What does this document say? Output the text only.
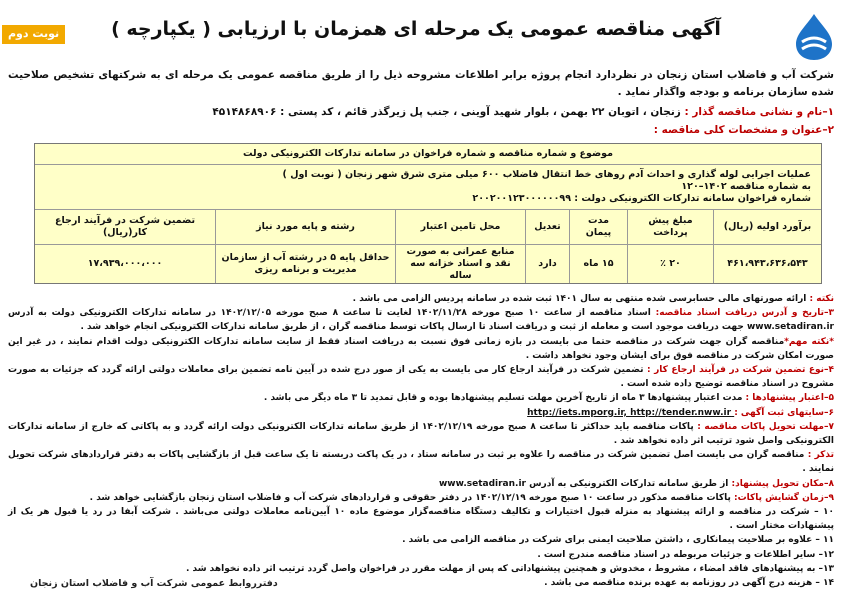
نوبت دوم	آگهی مناقصه عمومی یک مرحله ای همزمان با ارزیابی ( یکپارچه )
شرکت آب و فاضلاب استان زنجان در نظردارد انجام پروژه برابر اطلاعات مشروحه ذیل را از طریق مناقصه عمومی یک مرحله ای به شرکتهای تشخیص صلاحیت شده سازمان برنامه و بودجه واگذار نماید .
۱–نام و نشانی مناقصه گذار : زنجان ، اتوبان ۲۲ بهمن ، بلوار شهید آوینی ، جنب پل زیرگذر قائم ، کد پستی : ۴۵۱۴۸۶۸۹۰۶
۲–عنوان و مشخصات کلی مناقصه :
موضوع و شماره مناقصه و شماره فراخوان در سامانه تدارکات الکترونیکی دولت
عملیات اجرایی لوله گذاری و احداث آدم روهای خط انتقال فاضلاب ۶۰۰ میلی متری شرق شهر زنجان ( نوبت اول )
به شماره مناقصه ۱۴۰۲–۱۲۰
شماره فراخوان سامانه تدارکات الکترونیکی دولت : ۲۰۰۲۰۰۱۲۳۰۰۰۰۰۰۹۹
برآورد اولیه (ریال)
مبلغ پیش پرداخت
مدت پیمان
تعدیل
محل تامین اعتبار
رشته و پایه مورد نیاز
تضمین شرکت در فرآیند ارجاع کار(ریال)
۴۶۱،۹۴۳،۶۳۶،۵۴۳
۲۰ ٪
۱۵ ماه
دارد
منابع عمرانی به صورت نقد و اسناد خزانه سه ساله
حداقل پایه ۵ در رشته آب از سازمان مدیریت و برنامه ریزی
۱۷،۹۳۹،۰۰۰،۰۰۰

نکته : ارائه صورتهای مالی حسابرسی شده منتهی به سال ۱۴۰۱ ثبت شده در سامانه پردیس الزامی می باشد .

۳–تاریخ و آدرس دریافت اسناد مناقصه: اسناد مناقصه از ساعت ۱۰ صبح مورخه ۱۴۰۲/۱۱/۲۸ لغایت تا ساعت ۸ صبح مورخه ۱۴۰۲/۱۲/۰۵ در سامانه تدارکات الکترونیکی دولت به آدرس www.setadiran.ir جهت دریافت موجود است و معامله از ثبت و دریافت اسناد تا ارسال پاکات توسط مناقصه گران ، از طریق سامانه تدارکات الکترونیکی انجام خواهد شد .

*نکته مهم*مناقصه گران جهت شرکت در مناقصه حتما می بایست در بازه زمانی فوق نسبت به دریافت اسناد فقط از سایت سامانه تدارکات الکترونیکی دولت اقدام نمایند ، در غیر این صورت امکان شرکت در مناقصه فوق برای ایشان وجود نخواهد داشت .

۴–نوع تضمین شرکت در فرآیند ارجاع کار : تضمین شرکت در فرآیند ارجاع کار می بایست به یکی از صور درج شده در آیین نامه تضمین برای معاملات دولتی ارائه گردد که جزئیات به صورت مشروح در اسناد مناقصه توضیح داده شده است .

۵–اعتبار پیشنهادها : مدت اعتبار پیشنهادها ۳ ماه از تاریخ آخرین مهلت تسلیم پیشنهادها بوده و قابل تمدید تا ۳ ماه دیگر می باشد .

۶–سایتهای ثبت آگهی : http://iets.mporg.ir, http://tender.nww.ir

۷–مهلت تحویل پاکات مناقصه : پاکات مناقصه باید حداکثر تا ساعت ۸ صبح مورخه ۱۴۰۲/۱۲/۱۹ از طریق سامانه تدارکات الکترونیکی دولت ارائه گردد و به پاکاتی که خارج از سامانه تدارکات الکترونیکی واصل شود ترتیب اثر داده نخواهد شد .

تذکر : مناقصه گران می بایست اصل تضمین شرکت در مناقصه را علاوه بر ثبت در سامانه ستاد ، در یک پاکت دربسته تا یک ساعت قبل از بازگشایی پاکات به دفتر قراردادهای شرکت تحویل نمایند .

۸–مکان تحویل پیشنهاد: از طریق سامانه تدارکات الکترونیکی به آدرس www.setadiran.ir

۹–زمان گشایش پاکات: پاکات مناقصه مذکور در ساعت ۱۰ صبح مورخه ۱۴۰۲/۱۲/۱۹ در دفتر حقوقی و قراردادهای شرکت آب و فاضلاب استان زنجان بازگشایی خواهد شد .

۱۰ – شرکت در مناقصه و ارائه پیشنهاد به منزله قبول اختیارات و تکالیف دستگاه مناقصه‌گزار موضوع ماده ۱۰ آیین‌نامه معاملات دولتی می‌باشد . شرکت آبفا در رد یا قبول هر یک از پیشنهادات مختار است .

۱۱ – علاوه بر صلاحیت پیمانکاری ، داشتن صلاحیت ایمنی برای شرکت در مناقصه الزامی می باشد .

۱۲– سایر اطلاعات و جزئیات مربوطه در اسناد مناقصه مندرج است .

۱۳– به پیشنهادهای فاقد امضاء ، مشروط ، مخدوش و همچنین پیشنهاداتی که پس از مهلت مقرر در فراخوان واصل گردد ترتیب اثر داده نخواهد شد .

۱۴ – هزینه درج آگهی در روزنامه به عهده برنده مناقصه می باشد .

دفترروابط عمومی شرکت آب و فاضلاب استان زنجان
